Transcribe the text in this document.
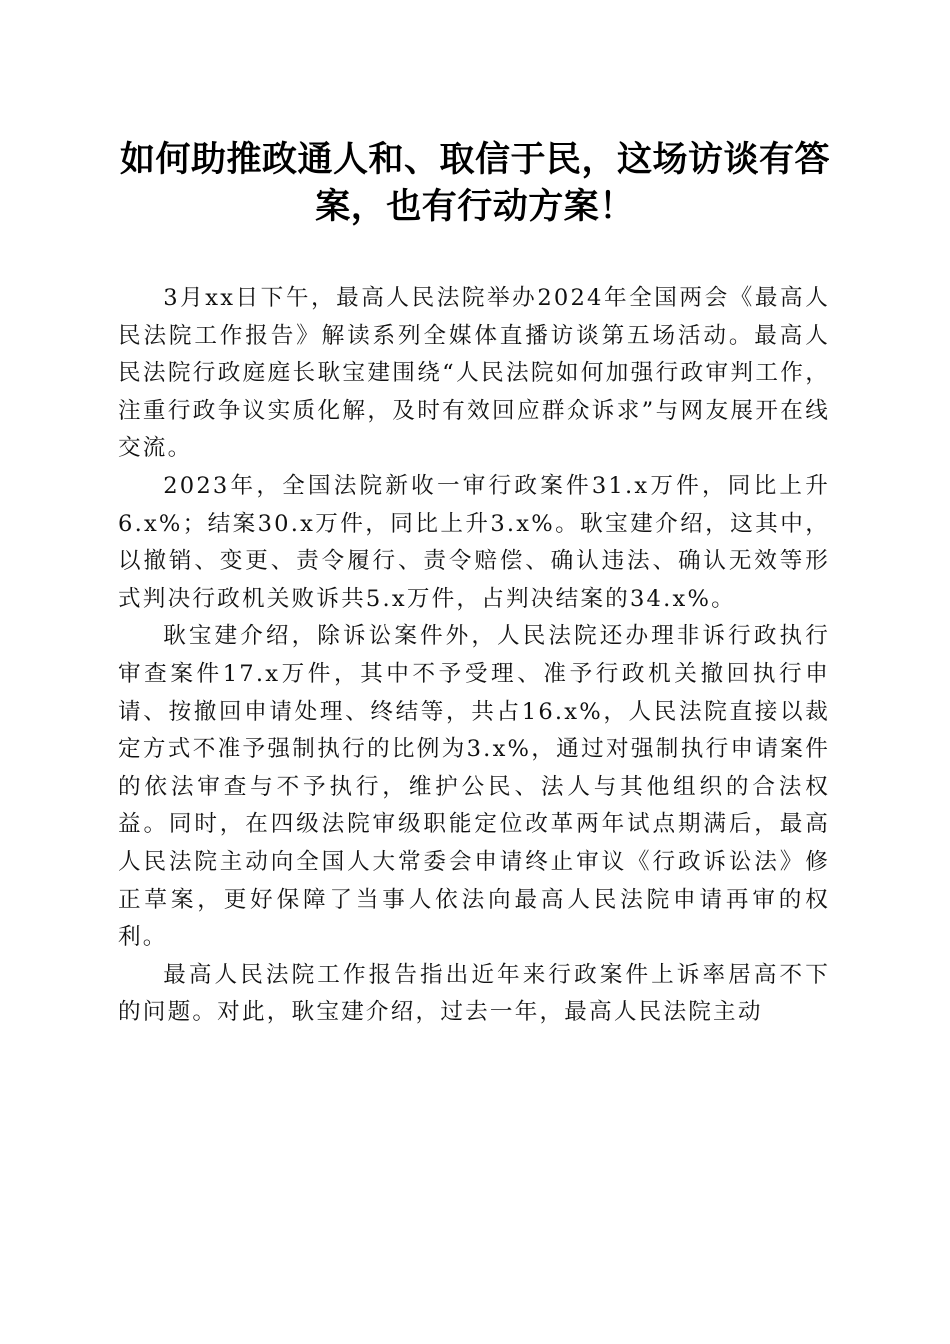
如何助推政通人和、取信于民，这场访谈有答案，也有行动方案！

3月xx日下午，最高人民法院举办2024年全国两会《最高人民法院工作报告》解读系列全媒体直播访谈第五场活动。最高人民法院行政庭庭长耿宝建围绕“人民法院如何加强行政审判工作，注重行政争议实质化解，及时有效回应群众诉求”与网友展开在线交流。

2023年，全国法院新收一审行政案件31.x万件，同比上升6.x%；结案30.x万件，同比上升3.x%。耿宝建介绍，这其中，以撤销、变更、责令履行、责令赔偿、确认违法、确认无效等形式判决行政机关败诉共5.x万件，占判决结案的34.x%。

耿宝建介绍，除诉讼案件外，人民法院还办理非诉行政执行审查案件17.x万件，其中不予受理、准予行政机关撤回执行申请、按撤回申请处理、终结等，共占16.x%，人民法院直接以裁定方式不准予强制执行的比例为3.x%，通过对强制执行申请案件的依法审查与不予执行，维护公民、法人与其他组织的合法权益。同时，在四级法院审级职能定位改革两年试点期满后，最高人民法院主动向全国人大常委会申请终止审议《行政诉讼法》修正草案，更好保障了当事人依法向最高人民法院申请再审的权利。

最高人民法院工作报告指出近年来行政案件上诉率居高不下的问题。对此，耿宝建介绍，过去一年，最高人民法院主动
